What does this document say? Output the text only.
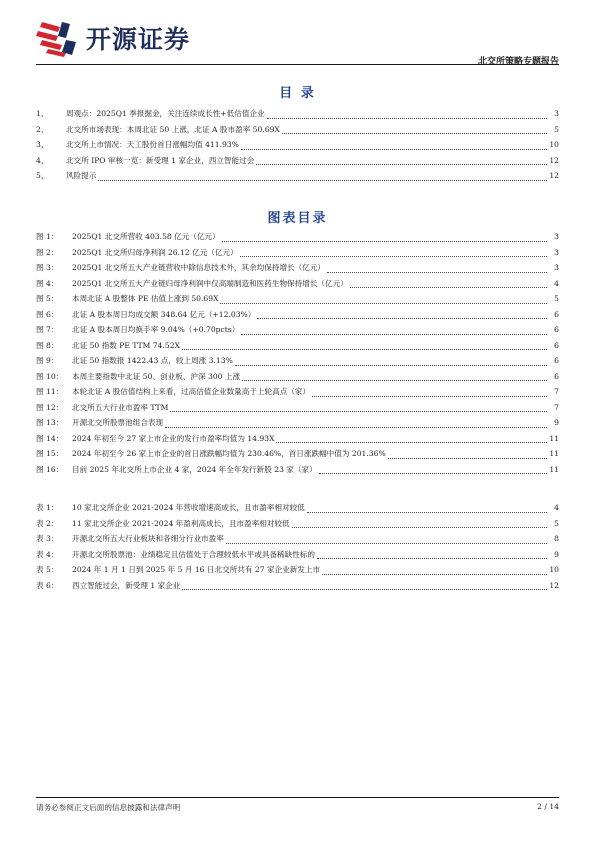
开源证券
北交所策略专题报告
目 录
1、	周观点：2025Q1 季报掘金，关注连续成长性+低估值企业	3
2、	北交所市场表现：本周北证 50 上涨，北证 A 股市盈率 50.69X	5
3、	北交所上市情况：天工股份首日涨幅均值 411.93%	10
4、	北交所 IPO 审核一览：新受理 1 家企业，西立智能过会	12
5、	风险提示	12
图表目录
图 1：	2025Q1 北交所营收 403.58 亿元（亿元）	3
图 2：	2025Q1 北交所归母净利润 26.12 亿元（亿元）	3
图 3：	2025Q1 北交所五大产业链营收中除信息技术外，其余均保持增长（亿元）	3
图 4：	2025Q1 北交所五大产业链归母净利润中仅高端制造和医药生物保持增长（亿元）	4
图 5：	本周北证 A 股整体 PE 估值上涨到 50.69X	5
图 6：	北证 A 股本周日均成交额 348.64 亿元（+12.03%）	6
图 7：	北证 A 股本周日均换手率 9.04%（+0.70pcts）	6
图 8：	北证 50 指数 PE TTM 74.52X	6
图 9：	北证 50 指数报 1422.43 点，较上周涨 3.13%	6
图 10：	本周主要指数中北证 50、创业板、沪深 300 上涨	6
图 11：	本轮北证 A 股估值结构上来看，过高估值企业数量高于上轮高点（家）	7
图 12：	北交所五大行业市盈率 TTM	7
图 13：	开源北交所股票池组合表现	9
图 14：	2024 年初至今 27 家上市企业的发行市盈率均值为 14.93X	11
图 15：	2024 年初至今 26 家上市企业的首日涨跌幅均值为 230.46%，首日涨跌幅中值为 201.36%	11
图 16：	目前 2025 年北交所上市企业 4 家，2024 年全年发行新股 23 家（家）	11
表 1：	10 家北交所企业 2021-2024 年营收增速高成长，且市盈率相对较低	4
表 2：	11 家北交所企业 2021-2024 年盈利高成长，且市盈率相对较低	5
表 3：	开源北交所五大行业板块和各细分行业市盈率	8
表 4：	开源北交所股票池：业绩稳定且估值处于合理较低水平或具备稀缺性标的	9
表 5：	2024 年 1 月 1 日到 2025 年 5 月 16 日北交所共有 27 家企业新发上市	10
表 6：	西立智能过会，新受理 1 家企业	12
请务必参阅正文后面的信息披露和法律声明	2 / 14
